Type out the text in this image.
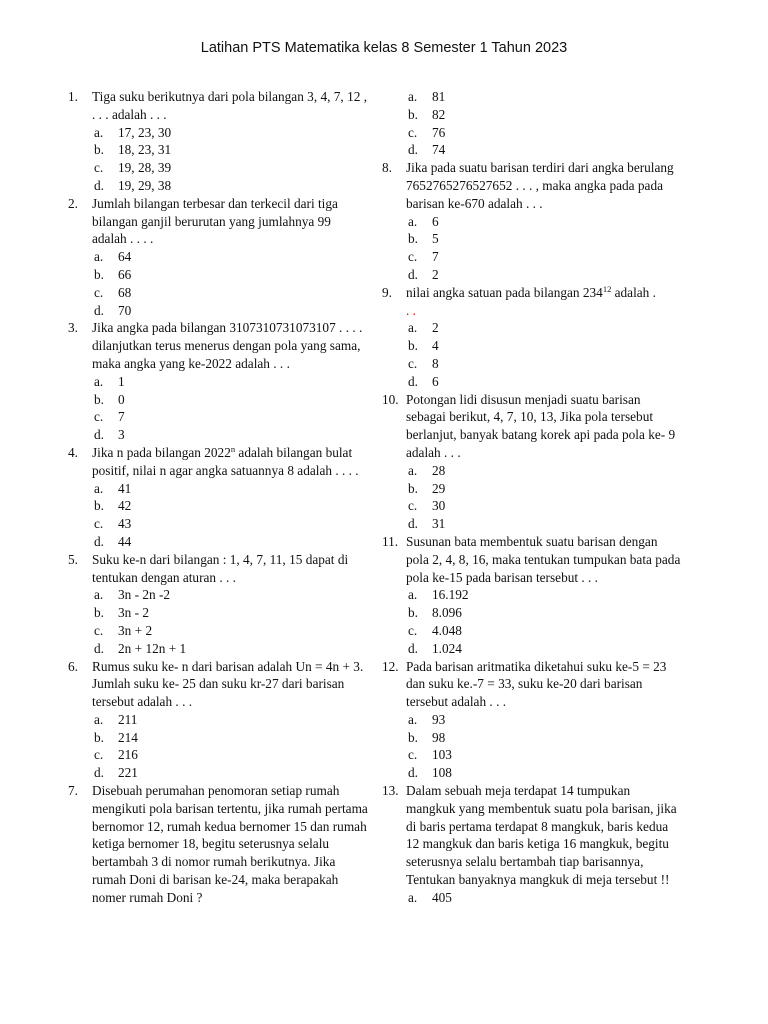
Latihan PTS Matematika kelas 8 Semester 1 Tahun 2023
1.	Tiga suku berikutnya dari pola bilangan 3, 4, 7, 12 , . . . adalah . . .
a.	17, 23, 30
b.	18, 23, 31
c.	19, 28, 39
d.	19, 29, 38
2.	Jumlah bilangan terbesar dan terkecil dari tiga bilangan ganjil berurutan yang jumlahnya 99 adalah . . . .
a.	64
b.	66
c.	68
d.	70
3.	Jika angka pada bilangan 3107310731073107 . . . . dilanjutkan terus menerus dengan pola yang sama, maka angka yang ke-2022 adalah . . .
a.	1
b.	0
c.	7
d.	3
4.	Jika n pada bilangan 2022$^n$ adalah bilangan bulat positif, nilai n agar angka satuannya 8 adalah . . . .
a.	41
b.	42
c.	43
d.	44
5.	Suku ke-n dari bilangan : 1, 4, 7, 11, 15 dapat di tentukan dengan aturan . . .
a.	3n - 2n -2
b.	3n - 2
c.	3n + 2
d.	2n + 12n + 1
6.	Rumus suku ke- n dari barisan adalah Un = 4n + 3. Jumlah suku ke- 25 dan suku kr-27 dari barisan tersebut adalah . . .
a.	211
b.	214
c.	216
d.	221
7.	Disebuah perumahan penomoran setiap rumah mengikuti pola barisan tertentu, jika rumah pertama bernomor 12, rumah kedua bernomer 15 dan rumah ketiga bernomer 18, begitu seterusnya selalu bertambah 3 di nomor rumah berikutnya. Jika rumah Doni di barisan ke-24, maka berapakah nomer rumah Doni ?
a.	81
b.	82
c.	76
d.	74
8.	Jika pada suatu barisan terdiri dari angka berulang 7652765276527652 . . . , maka angka pada pada barisan ke-670 adalah . . .
a.	6
b.	5
c.	7
d.	2
9.	nilai angka satuan pada bilangan $234^{12}$ adalah .
. .
a.	2
b.	4
c.	8
d.	6
10. Potongan lidi disusun menjadi suatu barisan sebagai berikut, 4, 7, 10, 13, Jika pola tersebut berlanjut, banyak batang korek api pada pola ke- 9 adalah . . .
a.	28
b.	29
c.	30
d.	31
11. Susunan bata membentuk suatu barisan dengan pola 2, 4, 8, 16, maka tentukan tumpukan bata pada pola ke-15 pada barisan tersebut . . .
a.	16.192
b.	8.096
c.	4.048
d.	1.024
12. Pada barisan aritmatika diketahui suku ke-5 = 23 dan suku ke.-7 = 33, suku ke-20 dari barisan tersebut adalah . . .
a.	93
b.	98
c.	103
d.	108
13. Dalam sebuah meja terdapat 14 tumpukan mangkuk yang membentuk suatu pola barisan, jika di baris pertama terdapat 8 mangkuk, baris kedua 12 mangkuk dan baris ketiga 16 mangkuk, begitu seterusnya selalu bertambah tiap barisannya, Tentukan banyaknya mangkuk di meja tersebut !!
a.	405
